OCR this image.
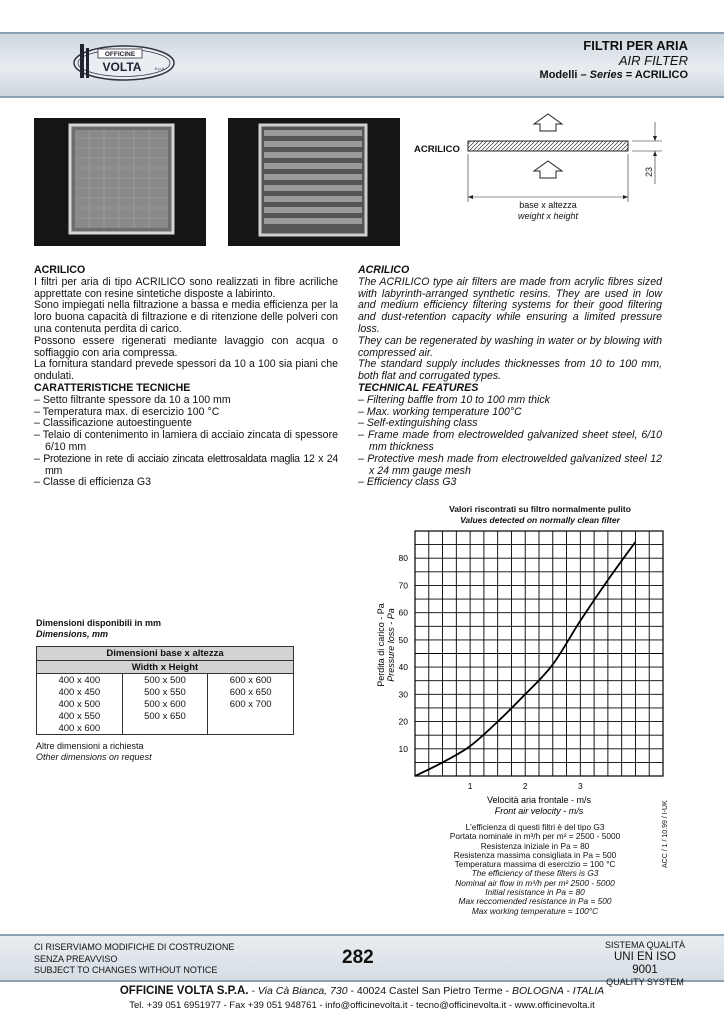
OFFICINE
VOLTA	S.p.A.
FILTRI PER ARIA
AIR FILTER
Modelli – Series = ACRILICO
23
ACRILICO
base x altezza
weight x height

ACRILICO

I filtri per aria di tipo ACRILICO sono realizzati in fibre acriliche apprettate con resine sintetiche disposte a labirinto.

Sono impiegati nella filtrazione a bassa e media efficienza per la loro buona capacità di filtrazione e di ritenzione delle polveri con una contenuta perdita di carico.

Possono essere rigenerati mediante lavaggio con acqua o soffiaggio con aria compressa.

La fornitura standard prevede spessori da 10 a 100 sia piani che ondulati.

CARATTERISTICHE TECNICHE

– Setto filtrante spessore da 10 a 100 mm
– Temperatura max. di esercizio 100 °C
– Classificazione autoestinguente
– Telaio di contenimento in lamiera di acciaio zincata di spessore 6/10 mm
– Protezione in rete di acciaio zincata elettrosaldata maglia 12 x 24 mm
– Classe di efficienza G3

ACRILICO

The ACRILICO type air filters are made from acrylic fibres sized with labyrinth-arranged synthetic resins. They are used in low and medium efficiency filtering systems for their good filtering and dust-retention capacity while ensuring a limited pressure loss.

They can be regenerated by washing in water or by blowing with compressed air.

The standard supply includes thicknesses from 10 to 100 mm, both flat and corrugated types.

TECHNICAL FEATURES

– Filtering baffle from 10 to 100 mm thick
– Max. working temperature 100°C
– Self-extinguishing class
– Frame made from electrowelded galvanized sheet steel, 6/10 mm thickness
– Protective mesh made from electrowelded galvanized steel 12 x 24 mm gauge mesh
– Efficiency class G3
Dimensioni disponibili in mm
Dimensions, mm
Dimensioni base x altezza		
Width x Height		
400 x 400	500 x 500	600 x 600
400 x 450	500 x 550	600 x 650
400 x 500	500 x 600	600 x 700
400 x 550	500 x 650	
400 x 600		
Altre dimensioni a richiesta
Other dimensions on request
Valori riscontrati su filtro normalmente pulito
Values detected on normally clean filter
10
20
30
40
50
60
70
80
1	2	3
Perdita di carico - Pa Pressure loss - Pa
Velocità aria frontale - m/s
Front air velocity - m/s
L'efficienza di questi filtri è del tipo G3
Portata nominale in m³/h per m² = 2500 - 5000
Resistenza iniziale in Pa = 80
Resistenza massima consigliata in Pa = 500
Temperatura massima di esercizio = 100 °C
The efficiency of these filters is G3
Nominal air flow in m³/h per m² 2500 - 5000
Initial resistance in Pa = 80
Max reccomended resistance in Pa = 500
Max working temperature = 100°C
ACC / 1 / 10.99 / I-UK
CI RISERVIAMO MODIFICHE DI COSTRUZIONE
SENZA PREAVVISO
SUBJECT TO CHANGES WITHOUT NOTICE
282
SISTEMA QUALITÀ
UNI EN ISO 9001
QUALITY SYSTEM
OFFICINE VOLTA S.P.A. - Via Cà Bianca, 730 - 40024 Castel San Pietro Terme - BOLOGNA - ITALIA
Tel. +39 051 6951977 - Fax +39 051 948761 - info@officinevolta.it - tecno@officinevolta.it - www.officinevolta.it
